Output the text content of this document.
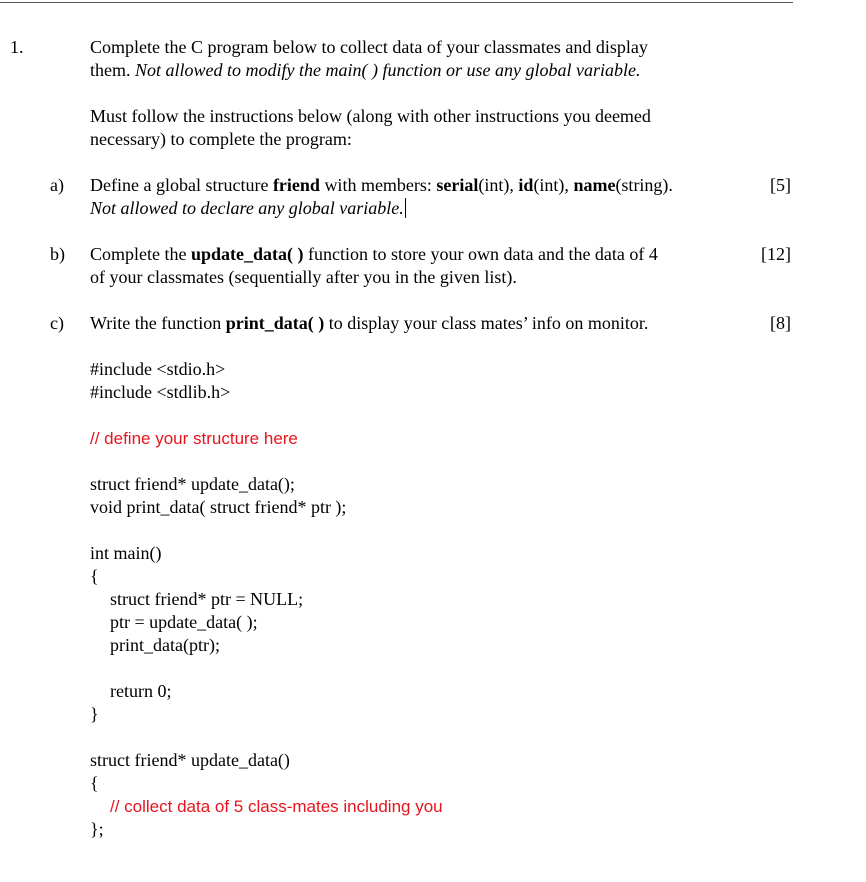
1.	Complete the C program below to collect data of your classmates and display
them. Not allowed to modify the main( ) function or use any global variable.
Must follow the instructions below (along with other instructions you deemed
necessary) to complete the program:
a) Define a global structure friend with members: serial(int), id(int), name(string).	[5]
Not allowed to declare any global variable.
b) Complete the update_data( ) function to store your own data and the data of 4	[12]
of your classmates (sequentially after you in the given list).
c) Write the function print_data( ) to display your class mates’ info on monitor.	[8]
#include <stdio.h>
#include <stdlib.h>
// define your structure here
struct friend* update_data();
void print_data( struct friend* ptr );
int main()
{
struct friend* ptr = NULL;
ptr = update_data( );
print_data(ptr);
return 0;
}
struct friend* update_data()
{
// collect data of 5 class-mates including you
};
